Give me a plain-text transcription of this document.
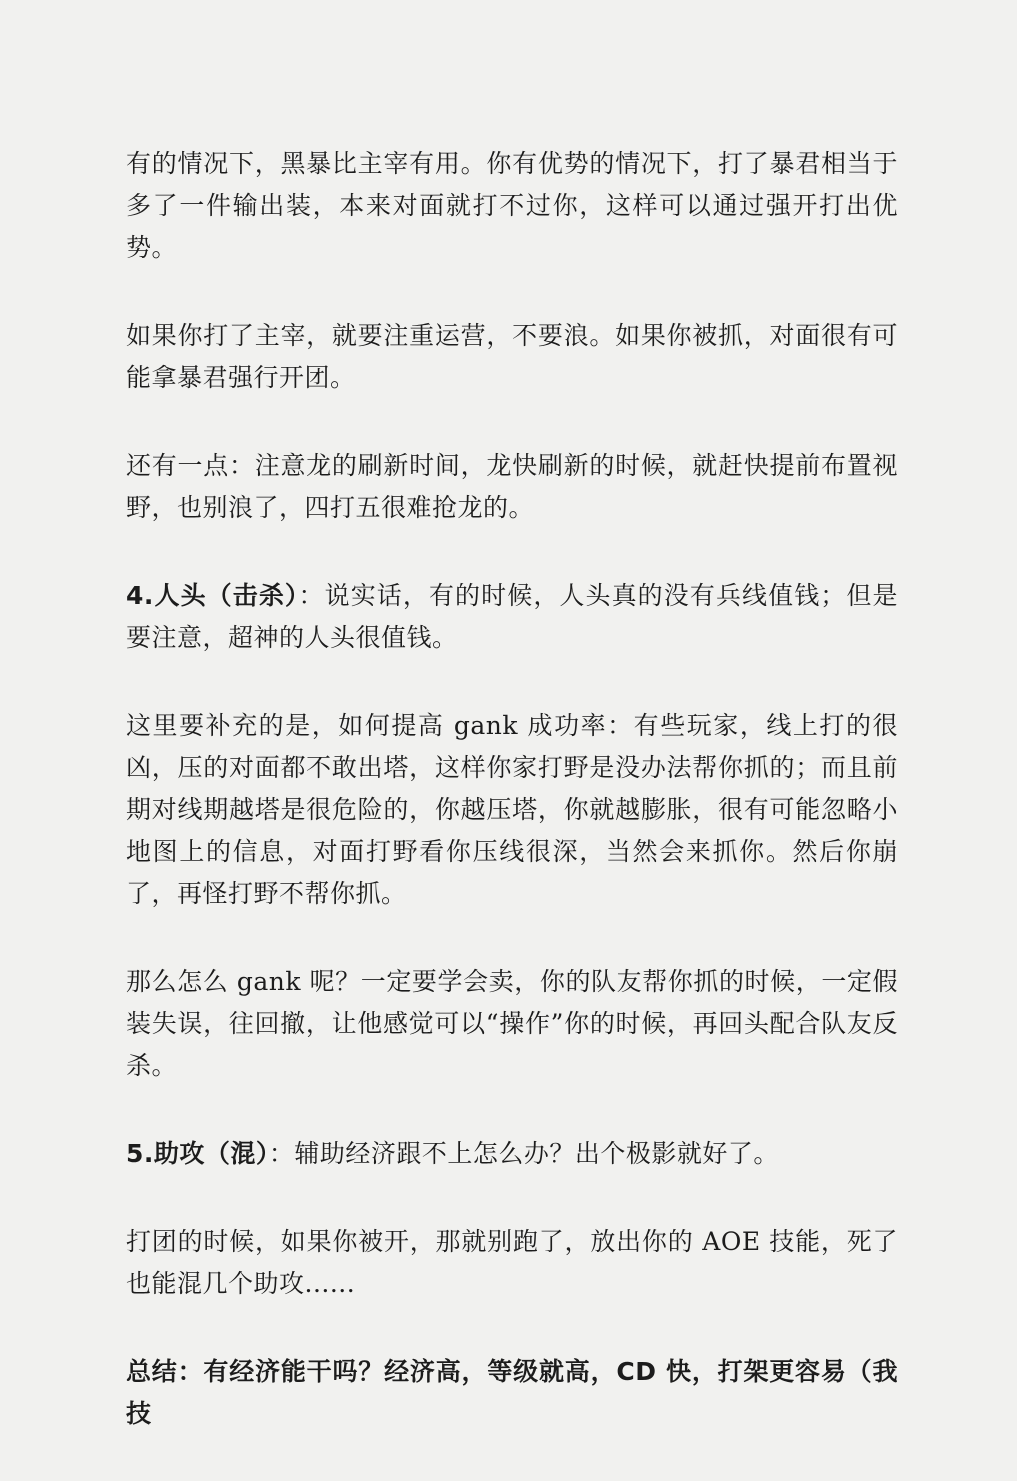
有的情况下，黑暴比主宰有用。你有优势的情况下，打了暴君相当于多了一件输出装，本来对面就打不过你，这样可以通过强开打出优势。

如果你打了主宰，就要注重运营，不要浪。如果你被抓，对面很有可能拿暴君强行开团。

还有一点：注意龙的刷新时间，龙快刷新的时候，就赶快提前布置视野，也别浪了，四打五很难抢龙的。

4.人头（击杀）：说实话，有的时候，人头真的没有兵线值钱；但是要注意，超神的人头很值钱。

这里要补充的是，如何提高 gank 成功率：有些玩家，线上打的很凶，压的对面都不敢出塔，这样你家打野是没办法帮你抓的；而且前期对线期越塔是很危险的，你越压塔，你就越膨胀，很有可能忽略小地图上的信息，对面打野看你压线很深，当然会来抓你。然后你崩了，再怪打野不帮你抓。

那么怎么 gank 呢？一定要学会卖，你的队友帮你抓的时候，一定假装失误，往回撤，让他感觉可以“操作”你的时候，再回头配合队友反杀。

5.助攻（混）：辅助经济跟不上怎么办？出个极影就好了。

打团的时候，如果你被开，那就别跑了，放出你的 AOE 技能，死了也能混几个助攻......

总结：有经济能干吗？经济高，等级就高，CD 快，打架更容易（我技
